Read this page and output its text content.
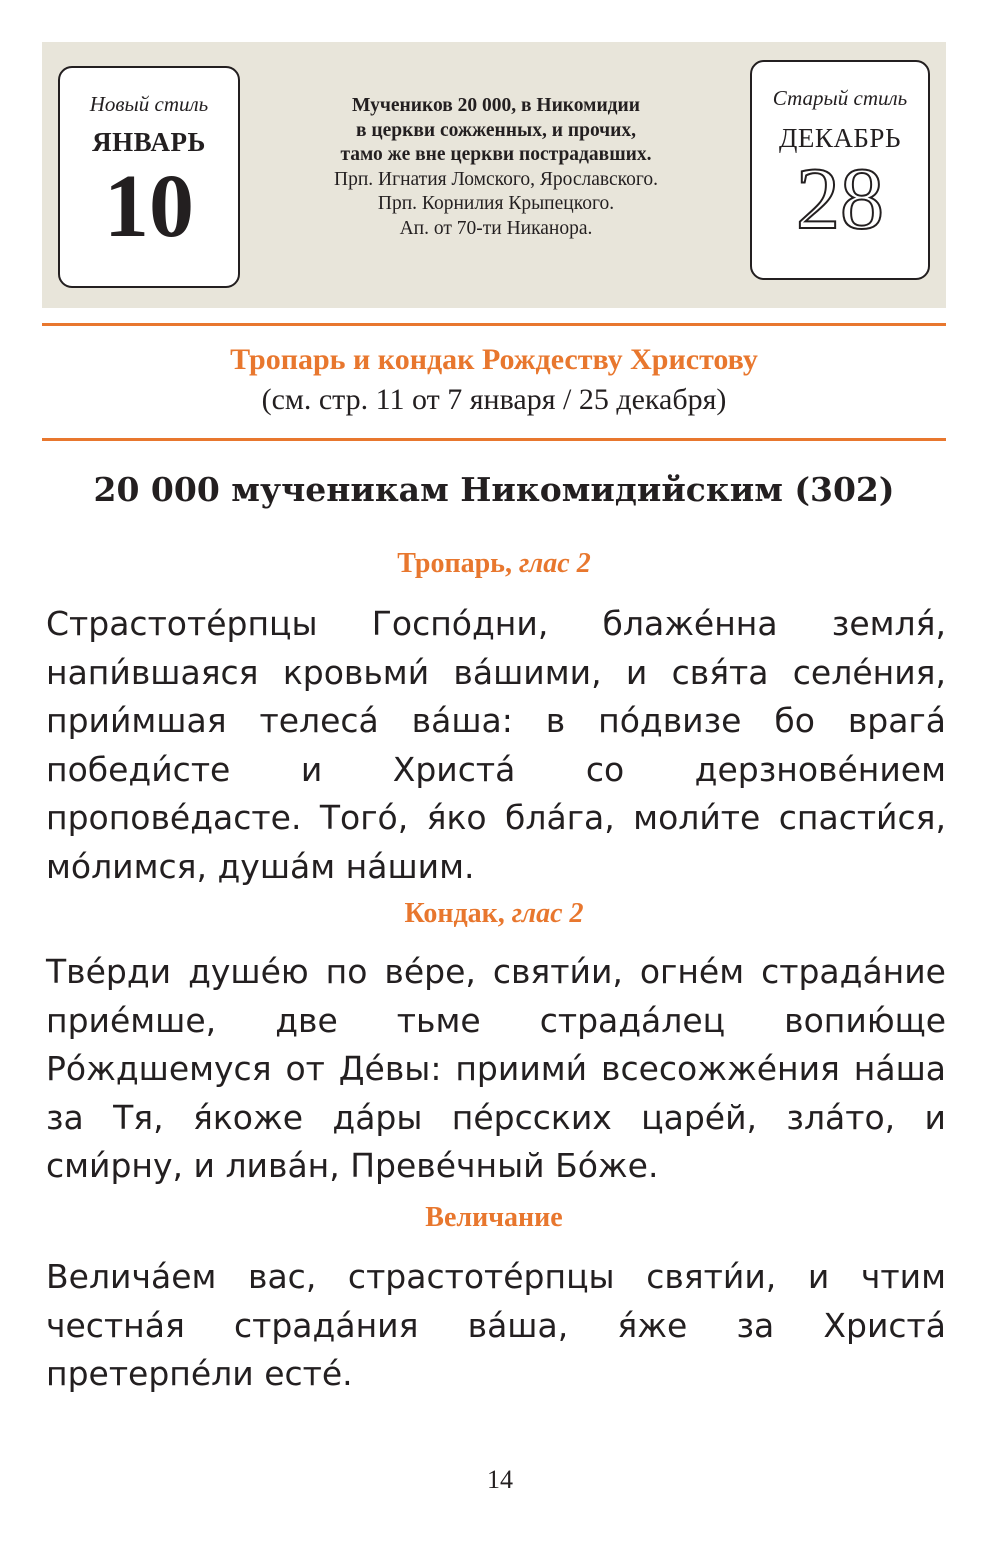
Новый стиль
ЯНВАРЬ
10
Мучеников 20 000, в Никомидии
в церкви сожженных, и прочих,
тамо же вне церкви пострадавших.
Прп. Игнатия Ломского, Ярославского.
Прп. Корнилия Крыпецкого.
Ап. от 70-ти Никанора.
Старый стиль
ДЕКАБРЬ
28
Тропарь и кондак Рождеству Христову
(см. стр. 11 от 7 января / 25 декабря)
20 000 мученикам Никомидийским (302)
Тропарь, глас 2
Страстоте́рпцы Госпо́дни, блаже́нна земля́, напи́вшаяся кровьми́ ва́шими, и свя́та селе́ния, прии́мшая телеса́ ва́ша: в по́двизе бо врага́ победи́сте и Христа́ со дерзнове́нием пропове́дасте. Того́, я́ко бла́га, моли́те спасти́ся, мо́лимся, душа́м на́шим.
Кондак, глас 2
Тве́рди душе́ю по ве́ре, святи́и, огне́м страда́ние прие́мше, две тьме страда́лец вопию́ще Ро́ждшемуся от Де́вы: приими́ всесожже́ния на́ша за Тя, я́коже да́ры пе́рсских царе́й, зла́то, и сми́рну, и лива́н, Преве́чный Бо́же.
Величание
Велича́ем вас, страстоте́рпцы святи́и, и чтим честна́я страда́ния ва́ша, я́же за Христа́ претерпе́ли есте́.
14
